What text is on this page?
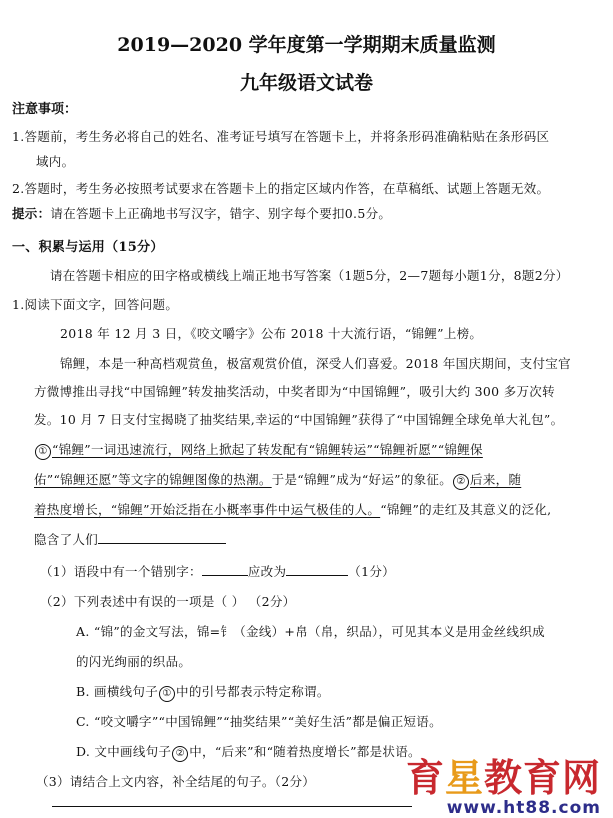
2019—2020 学年度第一学期期末质量监测
九年级语文试卷
注意事项：
1.答题前，考生务必将自己的姓名、准考证号填写在答题卡上，并将条形码准确粘贴在条形码区
域内。
2.答题时，考生务必按照考试要求在答题卡上的指定区域内作答，在草稿纸、试题上答题无效。
提示：请在答题卡上正确地书写汉字，错字、别字每个要扣0.5分。
一、积累与运用（15分）
请在答题卡相应的田字格或横线上端正地书写答案（1题5分，2—7题每小题1分，8题2分）
1.阅读下面文字，回答问题。
2018 年 12 月 3 日，《咬文嚼字》公布 2018 十大流行语，“锦鲤”上榜。
锦鲤，本是一种高档观赏鱼，极富观赏价值，深受人们喜爱。2018 年国庆期间，支付宝官
方微博推出寻找“中国锦鲤”转发抽奖活动，中奖者即为“中国锦鲤”，吸引大约 300 多万次转
发。10 月 7 日支付宝揭晓了抽奖结果,幸运的“中国锦鲤”获得了“中国锦鲤全球免单大礼包”。
① “锦鲤”一词迅速流行，网络上掀起了转发配有“锦鲤转运”“锦鲤祈愿”“锦鲤保
佑”“锦鲤还愿”等文字的锦鲤图像的热潮。于是“锦鲤”成为“好运”的象征。 ② 后来，随
着热度增长，“锦鲤”开始泛指在小概率事件中运气极佳的人。“锦鲤”的走红及其意义的泛化,
隐含了人们
（1）语段中有一个错别字：	应改为	（1分）
（2）下列表述中有误的一项是（ ） （2分）
A. “锦”的金文写法，锦=钅（金线）+帛（帛，织品），可见其本义是用金丝线织成
的闪光绚丽的织品。
B. 画横线句子 ① 中的引号都表示特定称谓。
C. “咬文嚼字”“中国锦鲤”“抽奖结果”“美好生活”都是偏正短语。
D. 文中画线句子 ② 中，“后来”和“随着热度增长”都是状语。
（3）请结合上文内容，补全结尾的句子。（2分） 育星教育网
www.ht88.com
